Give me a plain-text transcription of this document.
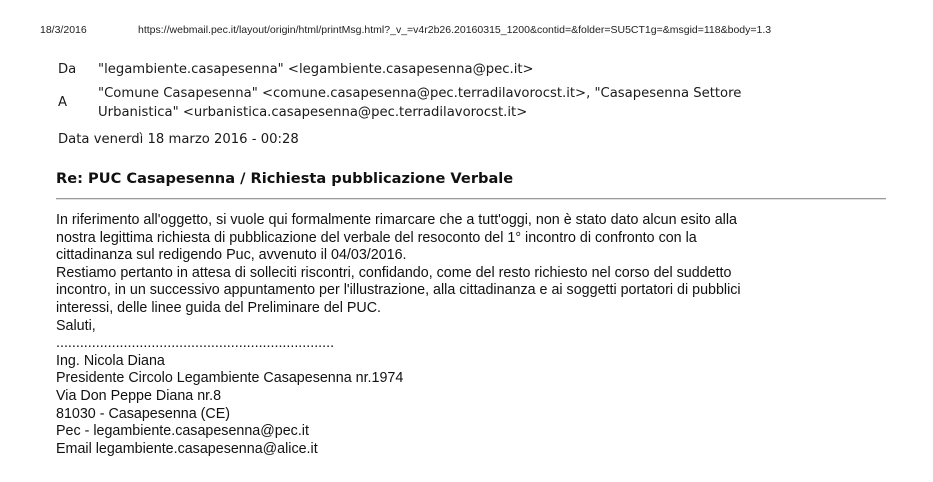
18/3/2016	https://webmail.pec.it/layout/origin/html/printMsg.html?_v_=v4r2b26.20160315_1200&contid=&folder=SU5CT1g=&msgid=118&body=1.3
Da	"legambiente.casapesenna" <legambiente.casapesenna@pec.it>
A
"Comune Casapesenna" <comune.casapesenna@pec.terradilavorocst.it>, "Casapesenna Settore
Urbanistica" <urbanistica.casapesenna@pec.terradilavorocst.it>
Data
venerdì 18 marzo 2016 - 00:28
Re: PUC Casapesenna / Richiesta pubblicazione Verbale

In riferimento all'oggetto, si vuole qui formalmente rimarcare che a tutt'oggi, non è stato dato alcun esito alla

nostra legittima richiesta di pubblicazione del verbale del resoconto del 1° incontro di confronto con la

cittadinanza sul redigendo Puc, avvenuto il 04/03/2016.

Restiamo pertanto in attesa di solleciti riscontri, confidando, come del resto richiesto nel corso del suddetto

incontro, in un successivo appuntamento per l'illustrazione, alla cittadinanza e ai soggetti portatori di pubblici

interessi, delle linee guida del Preliminare del PUC.

Saluti,

......................................................................

Ing. Nicola Diana

Presidente Circolo Legambiente Casapesenna nr.1974

Via Don Peppe Diana nr.8

81030 - Casapesenna (CE)

Pec - legambiente.casapesenna@pec.it

Email legambiente.casapesenna@alice.it
